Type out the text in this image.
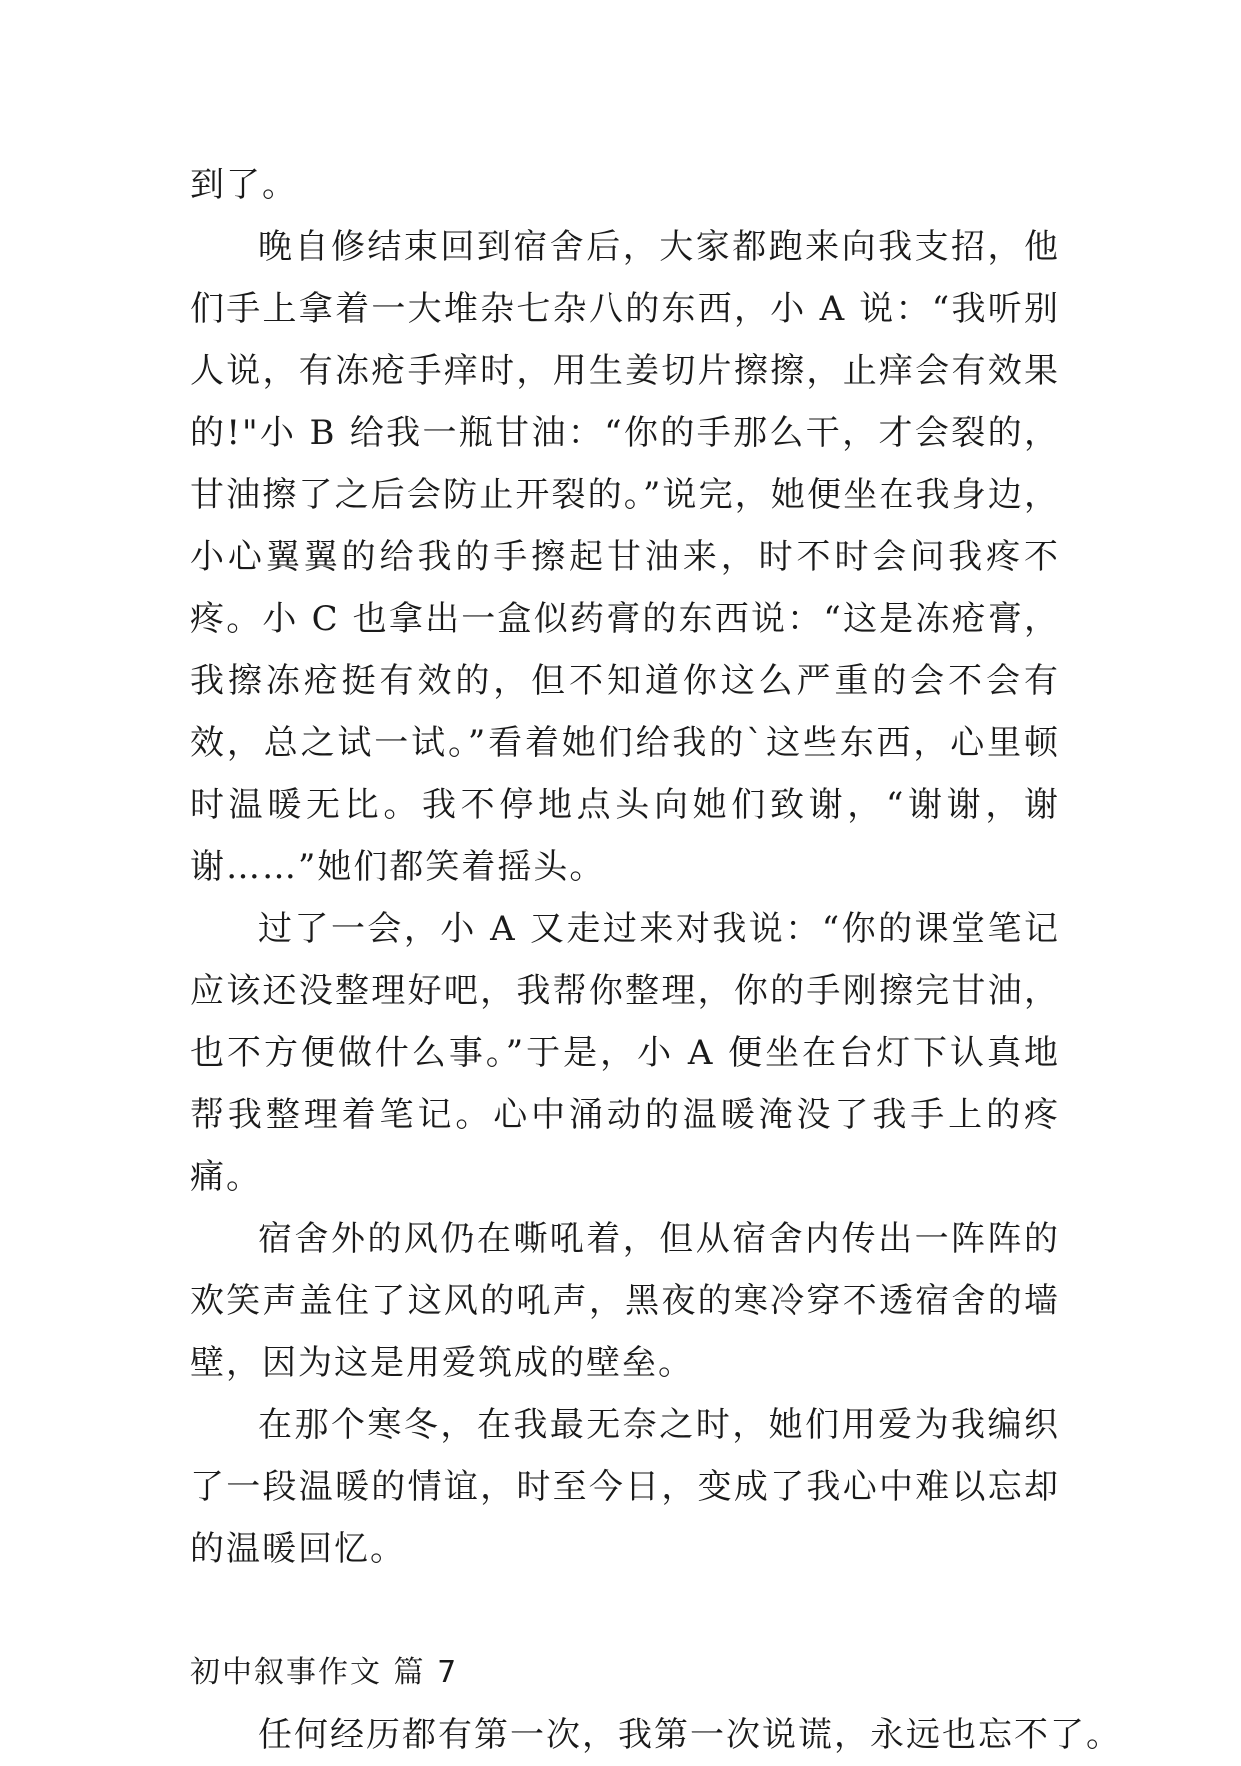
到了。

晚自修结束回到宿舍后，大家都跑来向我支招，他们手上拿着一大堆杂七杂八的东西，小 A 说：“我听别人说，有冻疮手痒时，用生姜切片擦擦，止痒会有效果的!"小 B 给我一瓶甘油：“你的手那么干，才会裂的，甘油擦了之后会防止开裂的。”说完，她便坐在我身边，小心翼翼的给我的手擦起甘油来，时不时会问我疼不疼。小 C 也拿出一盒似药膏的东西说：“这是冻疮膏，我擦冻疮挺有效的，但不知道你这么严重的会不会有效，总之试一试。”看着她们给我的`这些东西，心里顿时温暖无比。我不停地点头向她们致谢，“谢谢，谢谢……”她们都笑着摇头。

过了一会，小 A 又走过来对我说：“你的课堂笔记应该还没整理好吧，我帮你整理，你的手刚擦完甘油，也不方便做什么事。”于是，小 A 便坐在台灯下认真地帮我整理着笔记。心中涌动的温暖淹没了我手上的疼痛。

宿舍外的风仍在嘶吼着，但从宿舍内传出一阵阵的欢笑声盖住了这风的吼声，黑夜的寒冷穿不透宿舍的墙壁，因为这是用爱筑成的壁垒。

在那个寒冬，在我最无奈之时，她们用爱为我编织了一段温暖的情谊，时至今日，变成了我心中难以忘却的温暖回忆。

初中叙事作文 篇 7

任何经历都有第一次，我第一次说谎，永远也忘不了。
